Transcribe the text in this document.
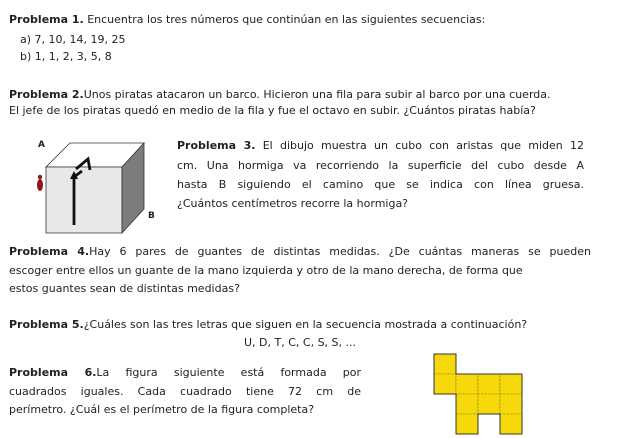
Problema 1. Encuentra los tres números que continúan en las siguientes secuencias:
a) 7, 10, 14, 19, 25
b) 1, 1, 2, 3, 5, 8
Problema 2.Unos piratas atacaron un barco. Hicieron una fila para subir al barco por una cuerda.
El jefe de los piratas quedó en medio de la fila y fue el octavo en subir. ¿Cuántos piratas había?
A
B
Problema 3. El dibujo muestra un cubo con aristas que miden 12
cm. Una hormiga va recorriendo la superficie del cubo desde A
hasta B siguiendo el camino que se indica con línea gruesa.
¿Cuántos centímetros recorre la hormiga?
Problema 4.Hay 6 pares de guantes de distintas medidas. ¿De cuántas maneras se pueden
escoger entre ellos un guante de la mano izquierda y otro de la mano derecha, de forma que
estos guantes sean de distintas medidas?
Problema 5.¿Cuáles son las tres letras que siguen en la secuencia mostrada a continuación?
U, D, T, C, C, S, S, ...
Problema 6.La figura siguiente está formada por
cuadrados iguales. Cada cuadrado tiene 72 cm de
perímetro. ¿Cuál es el perímetro de la figura completa?
